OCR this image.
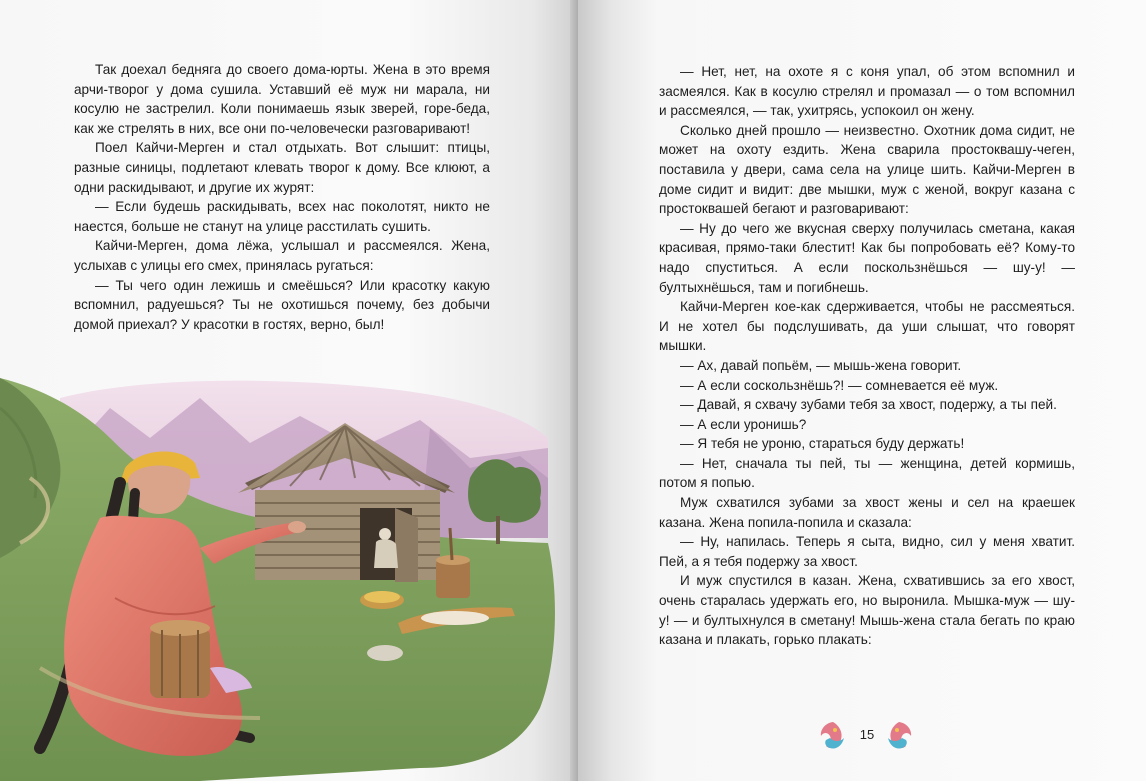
Так доехал бедняга до своего дома-юрты. Жена в это время арчи-творог у дома сушила. Уставший её муж ни марала, ни косулю не застрелил. Коли понимаешь язык зверей, горе-беда, как же стрелять в них, все они по-человечески разговаривают!

Поел Кайчи-Мерген и стал отдыхать. Вот слышит: птицы, разные синицы, подлетают клевать творог к дому. Все клюют, а одни раскидывают, и другие их журят:

— Если будешь раскидывать, всех нас поколотят, никто не наестся, больше не станут на улице расстилать сушить.

Кайчи-Мерген, дома лёжа, услышал и рассмеялся. Жена, услыхав с улицы его смех, принялась ругаться:

— Ты чего один лежишь и смеёшься? Или красотку какую вспомнил, радуешься? Ты не охотишься почему, без добычи домой приехал? У красотки в гостях, верно, был!

— Нет, нет, на охоте я с коня упал, об этом вспомнил и засмеялся. Как в косулю стрелял и промазал — о том вспомнил и рассмеялся, — так, ухитрясь, успокоил он жену.

Сколько дней прошло — неизвестно. Охотник дома сидит, не может на охоту ездить. Жена сварила простоквашу-чеген, поставила у двери, сама села на улице шить. Кайчи-Мерген в доме сидит и видит: две мышки, муж с женой, вокруг казана с простоквашей бегают и разговаривают:

— Ну до чего же вкусная сверху получилась сметана, какая красивая, прямо-таки блестит! Как бы попробовать её? Кому-то надо спуститься. А если поскользнёшься — шу-у! — бултыхнёшься, там и погибнешь.

Кайчи-Мерген кое-как сдерживается, чтобы не рассмеяться. И не хотел бы подслушивать, да уши слышат, что говорят мышки.

— Ах, давай попьём, — мышь-жена говорит.

— А если соскользнёшь?! — сомневается её муж.

— Давай, я схвачу зубами тебя за хвост, подержу, а ты пей.

— А если уронишь?

— Я тебя не уроню, стараться буду держать!

— Нет, сначала ты пей, ты — женщина, детей кормишь, потом я попью.

Муж схватился зубами за хвост жены и сел на краешек казана. Жена попила-попила и сказала:

— Ну, напилась. Теперь я сыта, видно, сил у меня хватит. Пей, а я тебя подержу за хвост.

И муж спустился в казан. Жена, схватившись за его хвост, очень старалась удержать его, но выронила. Мышка-муж — шу-у! — и бултыхнулся в сметану! Мышь-жена стала бегать по краю казана и плакать, горько плакать:

15
